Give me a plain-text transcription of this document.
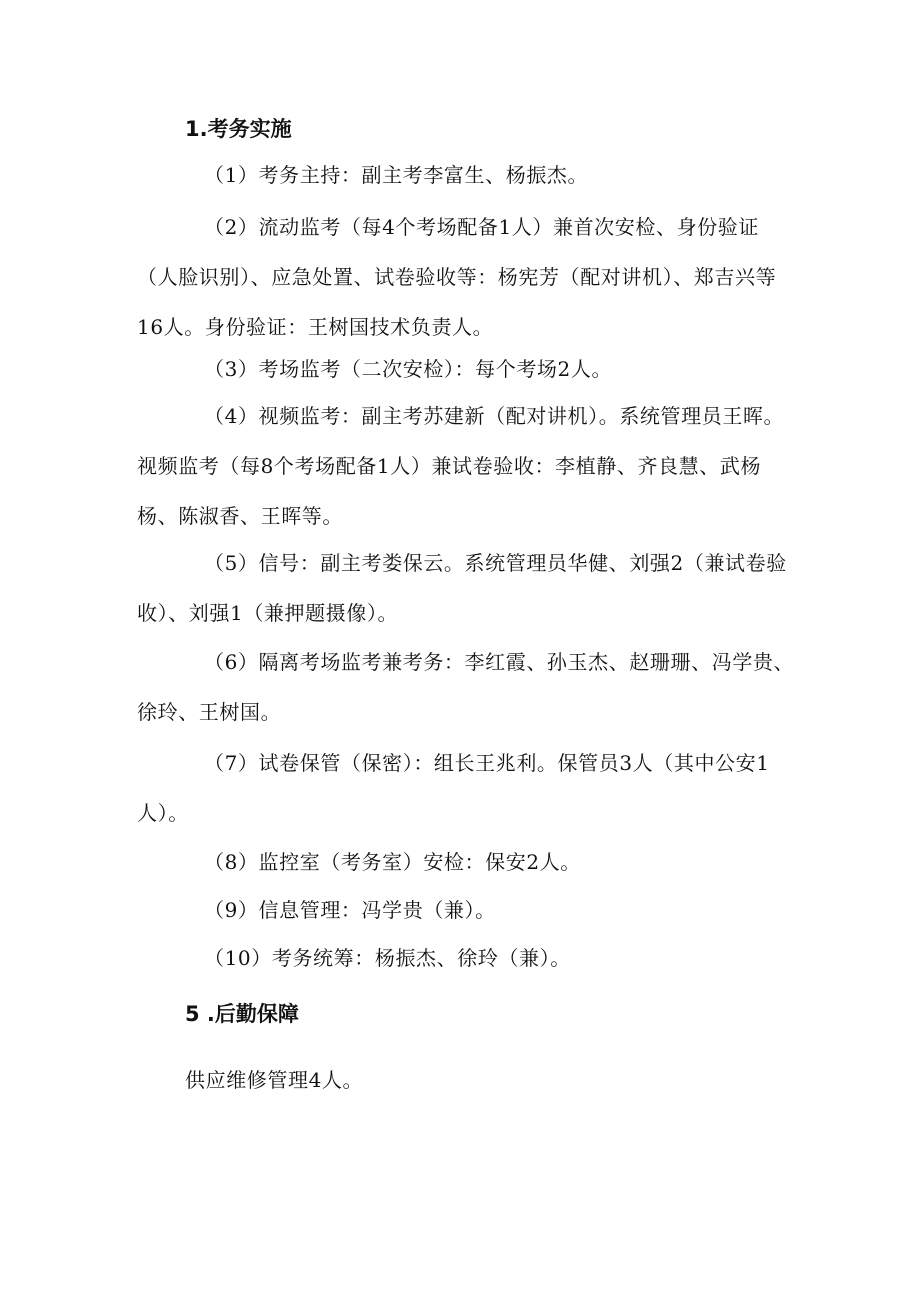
1.考务实施
（1）考务主持：副主考李富生、杨振杰。
（2）流动监考（每4个考场配备1人）兼首次安检、身份验证（人脸识别）、应急处置、试卷验收等：杨宪芳（配对讲机）、郑吉兴等16人。身份验证：王树国技术负责人。
（3）考场监考（二次安检）：每个考场2人。
（4）视频监考：副主考苏建新（配对讲机）。系统管理员王晖。视频监考（每8个考场配备1人）兼试卷验收：李植静、齐良慧、武杨杨、陈淑香、王晖等。
（5）信号：副主考娄保云。系统管理员华健、刘强2（兼试卷验收）、刘强1（兼押题摄像）。
（6）隔离考场监考兼考务：李红霞、孙玉杰、赵珊珊、冯学贵、徐玲、王树国。
（7）试卷保管（保密）：组长王兆利。保管员3人（其中公安1人）。
（8）监控室（考务室）安检：保安2人。
（9）信息管理：冯学贵（兼）。
（10）考务统筹：杨振杰、徐玲（兼）。
5 .后勤保障
供应维修管理4人。
